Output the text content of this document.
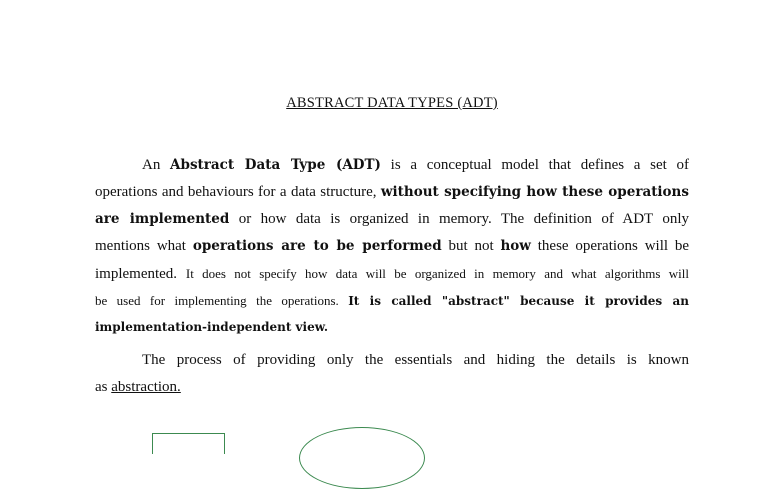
ABSTRACT DATA TYPES (ADT)
An Abstract Data Type (ADT) is a conceptual model that defines a set of
operations and behaviours for a data structure, without specifying how these operations
are implemented or how data is organized in memory. The definition of ADT only
mentions what operations are to be performed but not how these operations will be
implemented. It does not specify how data will be organized in memory and what algorithms will
be used for implementing the operations. It is called "abstract" because it provides an
implementation-independent view.
The process of providing only the essentials and hiding the details is known
as abstraction.
